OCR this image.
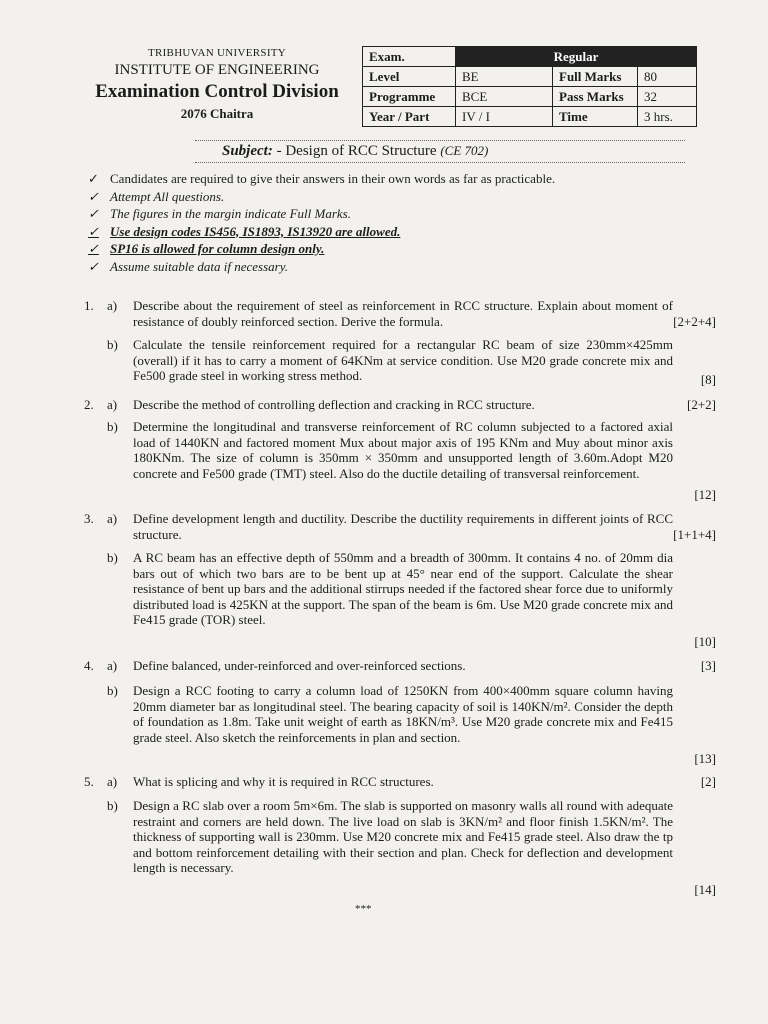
TRIBHUVAN UNIVERSITY
INSTITUTE OF ENGINEERING
Examination Control Division
2076 Chaitra
Exam.	Regular		
Level	BE	Full Marks	80
Programme	BCE	Pass Marks	32
Year / Part	IV / I	Time	3 hrs.
Subject: - Design of RCC Structure (CE 702)
✓ Candidates are required to give their answers in their own words as far as practicable.
✓ Attempt All questions.
✓ The figures in the margin indicate Full Marks.
✓ Use design codes IS456, IS1893, IS13920 are allowed.
✓ SP16 is allowed for column design only.
✓ Assume suitable data if necessary.
1.	a)	Describe about the requirement of steel as reinforcement in RCC structure. Explain about moment of resistance of doubly reinforced section. Derive the formula.	[2+2+4]
b)	Calculate the tensile reinforcement required for a rectangular RC beam of size 230mm×425mm (overall) if it has to carry a moment of 64KNm at service condition. Use M20 grade concrete mix and Fe500 grade steel in working stress method.	[8]
2.	a)	Describe the method of controlling deflection and cracking in RCC structure.	[2+2]
b)	Determine the longitudinal and transverse reinforcement of RC column subjected to a factored axial load of 1440KN and factored moment Mux about major axis of 195 KNm and Muy about minor axis 180KNm. The size of column is 350mm × 350mm and unsupported length of 3.60m.Adopt M20 concrete and Fe500 grade (TMT) steel. Also do the ductile detailing of transversal reinforcement.
[12]
3.	a)	Define development length and ductility. Describe the ductility requirements in different joints of RCC structure.	[1+1+4]
b)	A RC beam has an effective depth of 550mm and a breadth of 300mm. It contains 4 no. of 20mm dia bars out of which two bars are to be bent up at 45° near end of the support. Calculate the shear resistance of bent up bars and the additional stirrups needed if the factored shear force due to uniformly distributed load is 425KN at the support. The span of the beam is 6m. Use M20 grade concrete mix and Fe415 grade (TOR) steel.
[10]
4.	a)	Define balanced, under-reinforced and over-reinforced sections.	[3]
b)	Design a RCC footing to carry a column load of 1250KN from 400×400mm square column having 20mm diameter bar as longitudinal steel. The bearing capacity of soil is 140KN/m². Consider the depth of foundation as 1.8m. Take unit weight of earth as 18KN/m³. Use M20 grade concrete mix and Fe415 grade steel. Also sketch the reinforcements in plan and section.
[13]
5.	a)	What is splicing and why it is required in RCC structures.	[2]
b)	Design a RC slab over a room 5m×6m. The slab is supported on masonry walls all round with adequate restraint and corners are held down. The live load on slab is 3KN/m² and floor finish 1.5KN/m². The thickness of supporting wall is 230mm. Use M20 concrete mix and Fe415 grade steel. Also draw the tp and bottom reinforcement detailing with their section and plan. Check for deflection and development length is necessary.
[14]
***
